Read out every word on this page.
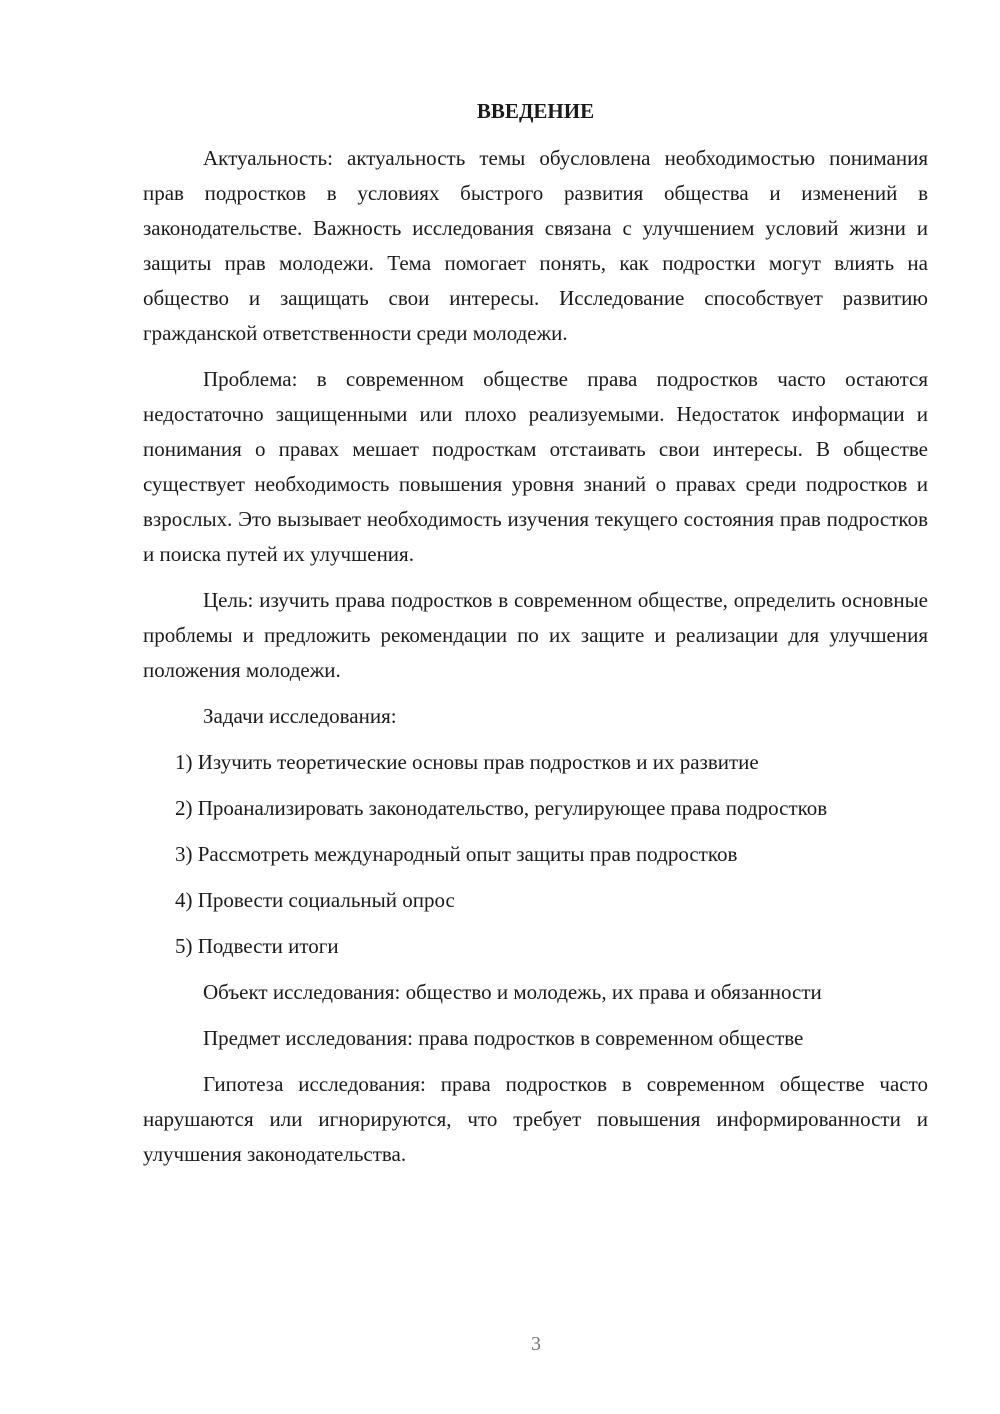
ВВЕДЕНИЕ

Актуальность: актуальность темы обусловлена необходимостью понимания прав подростков в условиях быстрого развития общества и изменений в законодательстве. Важность исследования связана с улучшением условий жизни и защиты прав молодежи. Тема помогает понять, как подростки могут влиять на общество и защищать свои интересы. Исследование способствует развитию гражданской ответственности среди молодежи.

Проблема: в современном обществе права подростков часто остаются недостаточно защищенными или плохо реализуемыми. Недостаток информации и понимания о правах мешает подросткам отстаивать свои интересы. В обществе существует необходимость повышения уровня знаний о правах среди подростков и взрослых. Это вызывает необходимость изучения текущего состояния прав подростков и поиска путей их улучшения.

Цель: изучить права подростков в современном обществе, определить основные проблемы и предложить рекомендации по их защите и реализации для улучшения положения молодежи.

Задачи исследования:

1) Изучить теоретические основы прав подростков и их развитие

2) Проанализировать законодательство, регулирующее права подростков

3) Рассмотреть международный опыт защиты прав подростков

4) Провести социальный опрос

5) Подвести итоги

Объект исследования: общество и молодежь, их права и обязанности

Предмет исследования: права подростков в современном обществе

Гипотеза исследования: права подростков в современном обществе часто нарушаются или игнорируются, что требует повышения информированности и улучшения законодательства.

3
